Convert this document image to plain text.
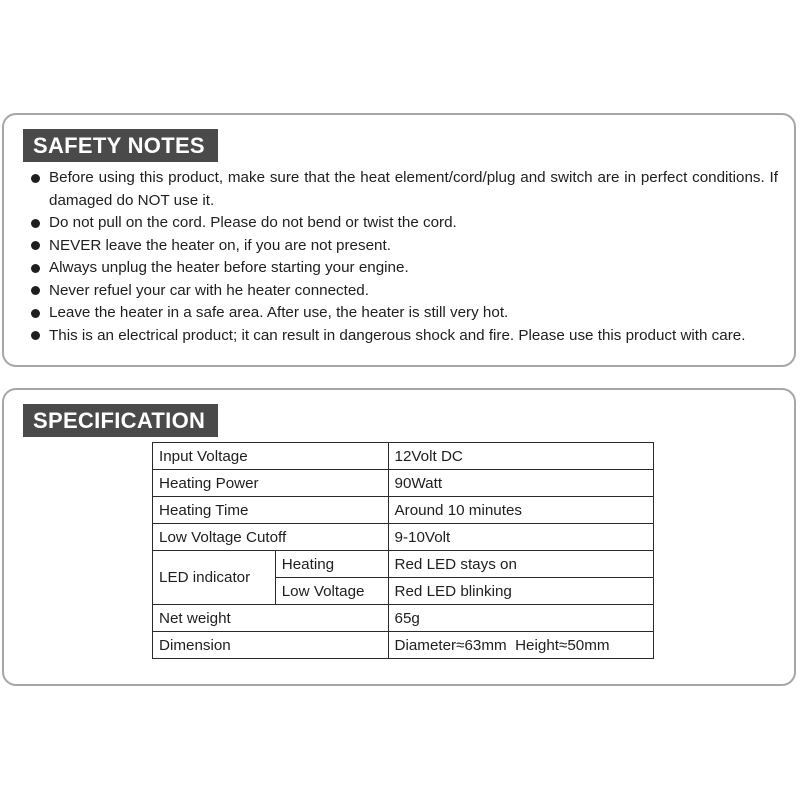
SAFETY NOTES
Before using this product, make sure that the heat element/cord/plug and switch are in perfect conditions. If damaged do NOT use it.
Do not pull on the cord. Please do not bend or twist the cord.
NEVER leave the heater on, if you are not present.
Always unplug the heater before starting your engine.
Never refuel your car with he heater connected.
Leave the heater in a safe area. After use, the heater is still very hot.
This is an electrical product; it can result in dangerous shock and fire. Please use this product with care.
SPECIFICATION
Input Voltage		12Volt DC
Heating Power		90Watt
Heating Time		Around 10 minutes
Low Voltage Cutoff		9-10Volt
LED indicator	Heating	Red LED stays on
	Low Voltage	Red LED blinking
Net weight		65g
Dimension		Diameter≈63mm  Height≈50mm
